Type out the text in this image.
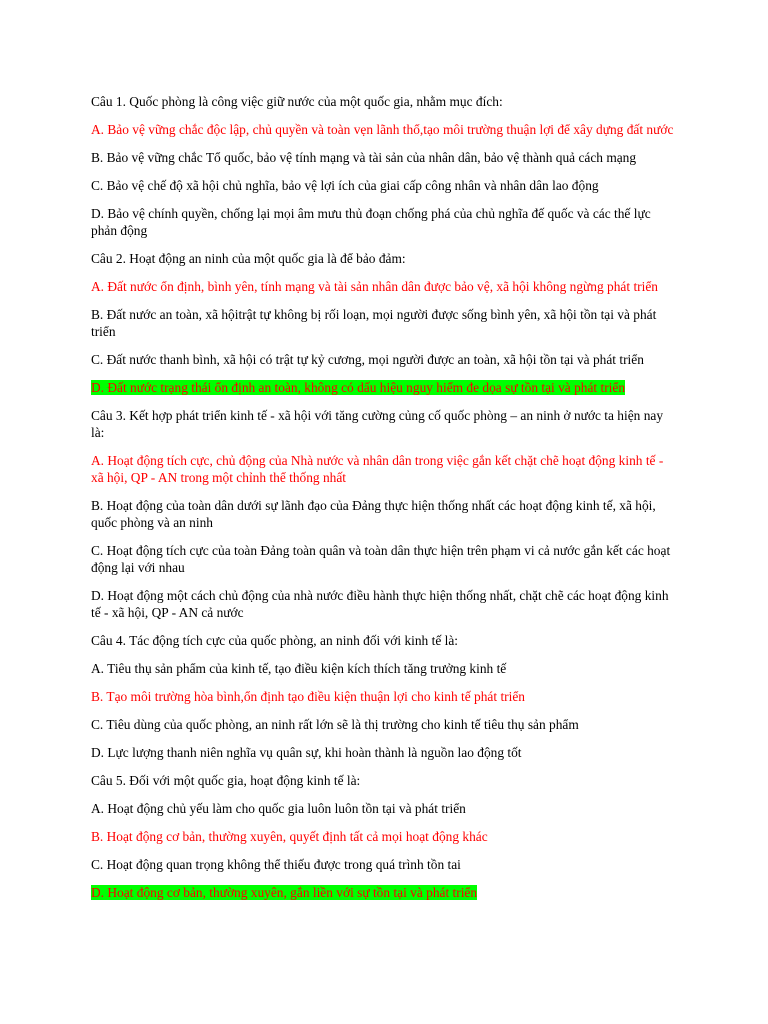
Câu 1. Quốc phòng là công việc giữ nước của một quốc gia, nhằm mục đích:

A. Bảo vệ vững chắc độc lập, chủ quyền và toàn vẹn lãnh thổ,tạo môi trường thuận lợi để xây dựng đất nước

B. Bảo vệ vững chắc Tổ quốc, bảo vệ tính mạng và tài sản của nhân dân, bảo vệ thành quả cách mạng

C. Bảo vệ chế độ xã hội chủ nghĩa, bảo vệ lợi ích của giai cấp công nhân và nhân dân lao động

D. Bảo vệ chính quyền, chống lại mọi âm mưu thủ đoạn chống phá của chủ nghĩa đế quốc và các thế lực phản động

Câu 2. Hoạt động an ninh của một quốc gia là để bảo đảm:

A. Đất nước ổn định, bình yên, tính mạng và tài sản nhân dân được bảo vệ, xã hội không ngừng phát triển

B. Đất nước an toàn, xã hộitrật tự không bị rối loạn, mọi người được sống bình yên, xã hội tồn tại và phát triển

C. Đất nước thanh bình, xã hội có trật tự kỷ cương, mọi người được an toàn, xã hội tồn tại và phát triển

D. Đất nước trạng thái ổn định an toàn, không có dấu hiệu nguy hiểm đe dọa sự tồn tại và phát triển

Câu 3. Kết hợp phát triển kinh tế - xã hội với tăng cường củng cố quốc phòng – an ninh ở nước ta hiện nay là:

A. Hoạt động tích cực, chủ động của Nhà nước và nhân dân trong việc gắn kết chặt chẽ hoạt động kinh tế - xã hội, QP - AN trong một chỉnh thể thống nhất

B. Hoạt động của toàn dân dưới sự lãnh đạo của Đảng thực hiện thống nhất các hoạt động kinh tế, xã hội, quốc phòng và an ninh

C. Hoạt động tích cực của toàn Đảng toàn quân và toàn dân thực hiện trên phạm vi cả nước gắn kết các hoạt động lại với nhau

D. Hoạt động một cách chủ động của nhà nước điều hành thực hiện thống nhất, chặt chẽ các hoạt động kinh tế - xã hội, QP - AN cả nước

Câu 4. Tác động tích cực của quốc phòng, an ninh đối với kinh tế là:

A. Tiêu thụ sản phẩm của kinh tế, tạo điều kiện kích thích tăng trưởng kinh tế

B. Tạo môi trường hòa bình,ổn định tạo điều kiện thuận lợi cho kinh tế phát triển

C. Tiêu dùng của quốc phòng, an ninh rất lớn sẽ là thị trường cho kinh tế tiêu thụ sản phẩm

D. Lực lượng thanh niên nghĩa vụ quân sự, khi hoàn thành là nguồn lao động tốt

Câu 5. Đối với một quốc gia, hoạt động kinh tế là:

A. Hoạt động chủ yếu làm cho quốc gia luôn luôn tồn tại và phát triển

B. Hoạt động cơ bản, thường xuyên, quyết định tất cả mọi hoạt động khác

C. Hoạt động quan trọng không thể thiếu được trong quá trình tồn tai

D. Hoạt động cơ bản, thường xuyên, gắn liền với sự tồn tại và phát triển
